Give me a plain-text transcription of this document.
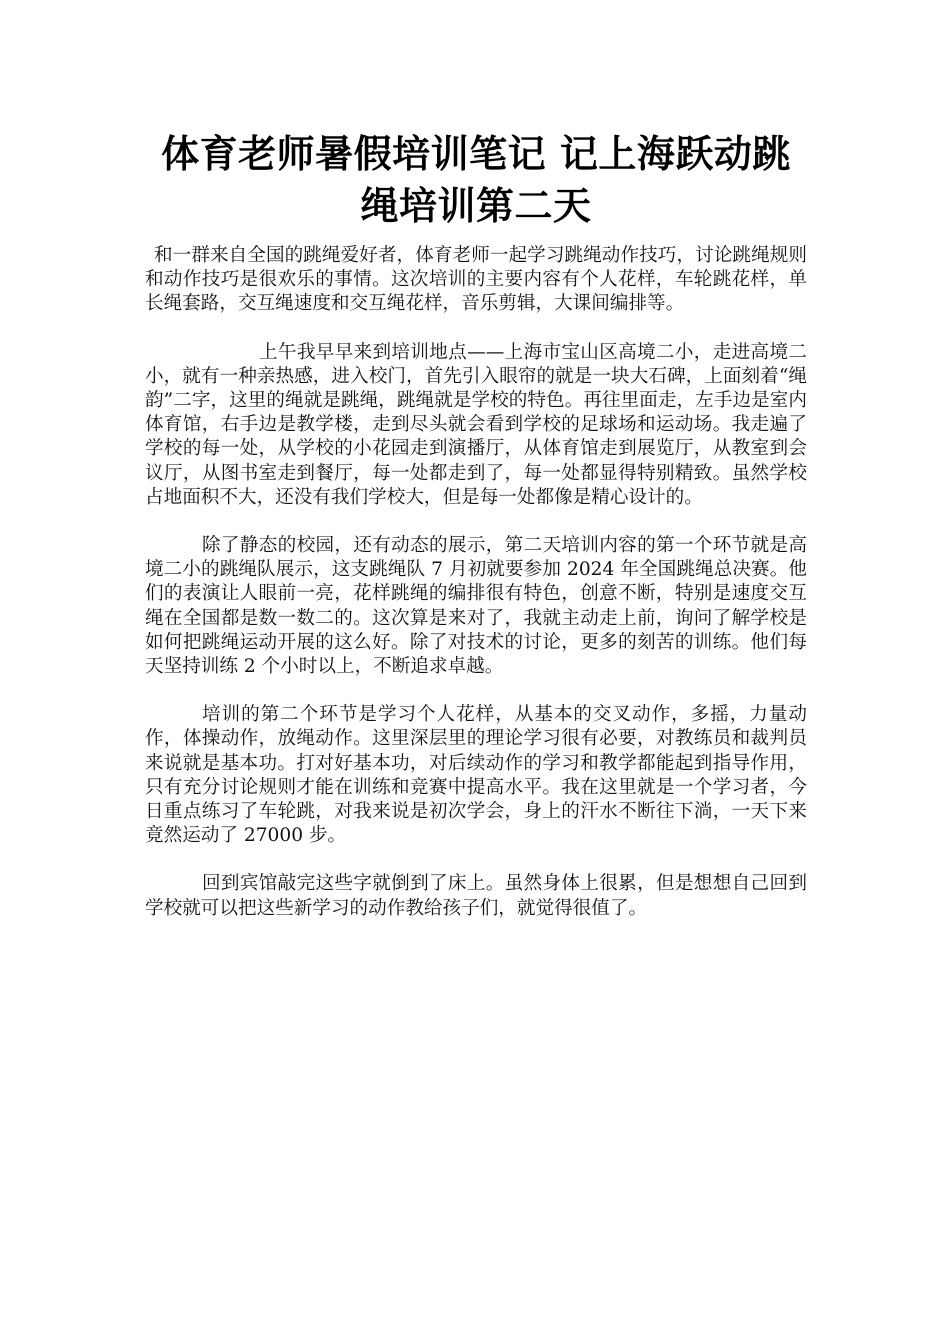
体育老师暑假培训笔记 记上海跃动跳绳培训第二天

和一群来自全国的跳绳爱好者，体育老师一起学习跳绳动作技巧，讨论跳绳规则和动作技巧是很欢乐的事情。这次培训的主要内容有个人花样，车轮跳花样，单长绳套路，交互绳速度和交互绳花样，音乐剪辑，大课间编排等。

上午我早早来到培训地点——上海市宝山区高境二小，走进高境二小，就有一种亲热感，进入校门，首先引入眼帘的就是一块大石碑，上面刻着“绳韵”二字，这里的绳就是跳绳，跳绳就是学校的特色。再往里面走，左手边是室内体育馆，右手边是教学楼，走到尽头就会看到学校的足球场和运动场。我走遍了学校的每一处，从学校的小花园走到演播厅，从体育馆走到展览厅，从教室到会议厅，从图书室走到餐厅，每一处都走到了，每一处都显得特别精致。虽然学校占地面积不大，还没有我们学校大，但是每一处都像是精心设计的。

除了静态的校园，还有动态的展示，第二天培训内容的第一个环节就是高境二小的跳绳队展示，这支跳绳队 7 月初就要参加 2024 年全国跳绳总决赛。他们的表演让人眼前一亮，花样跳绳的编排很有特色，创意不断，特别是速度交互绳在全国都是数一数二的。这次算是来对了，我就主动走上前，询问了解学校是如何把跳绳运动开展的这么好。除了对技术的讨论，更多的刻苦的训练。他们每天坚持训练 2 个小时以上，不断追求卓越。

培训的第二个环节是学习个人花样，从基本的交叉动作，多摇，力量动作，体操动作，放绳动作。这里深层里的理论学习很有必要，对教练员和裁判员来说就是基本功。打对好基本功，对后续动作的学习和教学都能起到指导作用，只有充分讨论规则才能在训练和竞赛中提高水平。我在这里就是一个学习者，今日重点练习了车轮跳，对我来说是初次学会，身上的汗水不断往下淌，一天下来竟然运动了 27000 步。

回到宾馆敲完这些字就倒到了床上。虽然身体上很累，但是想想自己回到学校就可以把这些新学习的动作教给孩子们，就觉得很值了。
